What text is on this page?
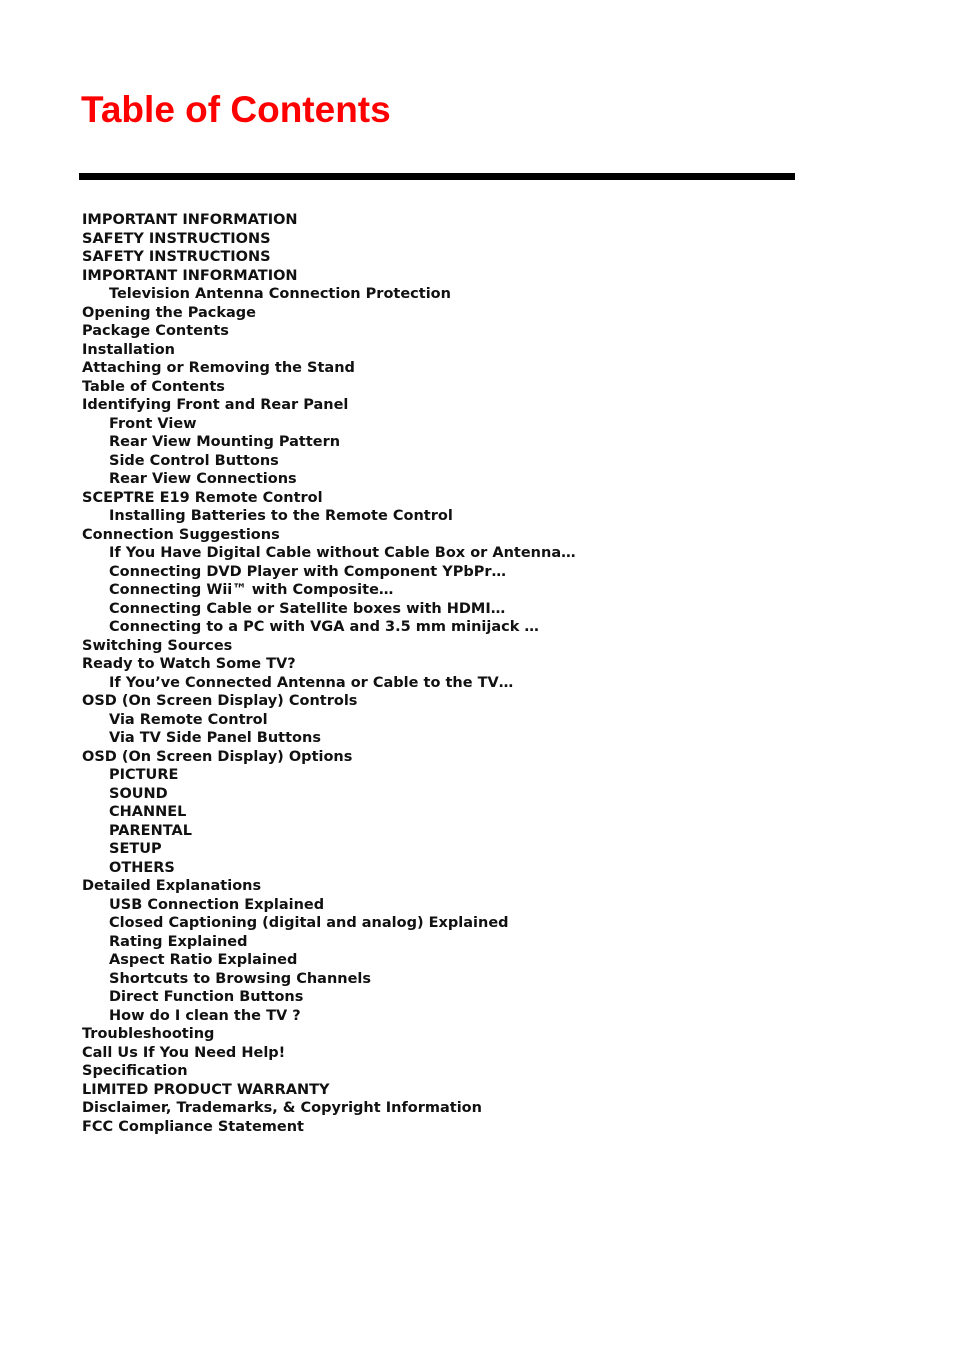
Table of Contents
IMPORTANT INFORMATION
SAFETY INSTRUCTIONS
SAFETY INSTRUCTIONS
IMPORTANT INFORMATION
Television Antenna Connection Protection
Opening the Package
Package Contents
Installation
Attaching or Removing the Stand
Table of Contents
Identifying Front and Rear Panel
Front View
Rear View Mounting Pattern
Side Control Buttons
Rear View Connections
SCEPTRE E19 Remote Control
Installing Batteries to the Remote Control
Connection Suggestions
If You Have Digital Cable without Cable Box or Antenna…
Connecting DVD Player with Component YPbPr…
Connecting Wii™ with Composite…
Connecting Cable or Satellite boxes with HDMI…
Connecting to a PC with VGA and 3.5 mm minijack …
Switching Sources
Ready to Watch Some TV?
If You’ve Connected Antenna or Cable to the TV…
OSD (On Screen Display) Controls
Via Remote Control
Via TV Side Panel Buttons
OSD (On Screen Display) Options
PICTURE
SOUND
CHANNEL
PARENTAL
SETUP
OTHERS
Detailed Explanations
USB Connection Explained
Closed Captioning (digital and analog) Explained
Rating Explained
Aspect Ratio Explained
Shortcuts to Browsing Channels
Direct Function Buttons
How do I clean the TV ?
Troubleshooting
Call Us If You Need Help!
Specification
LIMITED PRODUCT WARRANTY
Disclaimer, Trademarks, & Copyright Information
FCC Compliance Statement
